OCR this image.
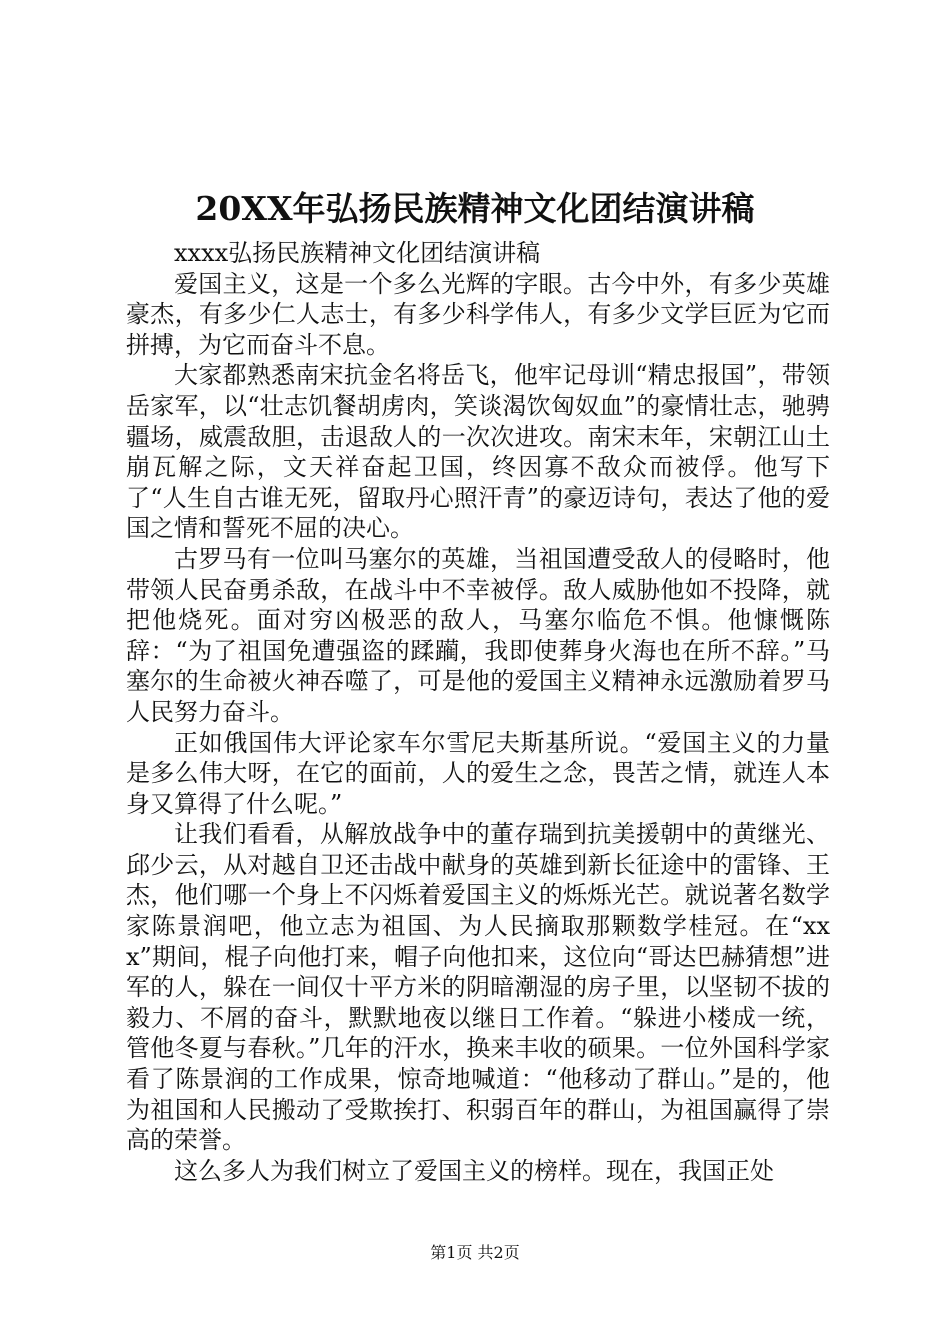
20XX年弘扬民族精神文化团结演讲稿

xxxx弘扬民族精神文化团结演讲稿

爱国主义，这是一个多么光辉的字眼。古今中外，有多少英雄豪杰，有多少仁人志士，有多少科学伟人，有多少文学巨匠为它而拼搏，为它而奋斗不息。

大家都熟悉南宋抗金名将岳飞，他牢记母训“精忠报国”，带领岳家军，以“壮志饥餐胡虏肉，笑谈渴饮匈奴血”的豪情壮志，驰骋疆场，威震敌胆，击退敌人的一次次进攻。南宋末年，宋朝江山土崩瓦解之际，文天祥奋起卫国，终因寡不敌众而被俘。他写下了“人生自古谁无死，留取丹心照汗青”的豪迈诗句，表达了他的爱国之情和誓死不屈的决心。

古罗马有一位叫马塞尔的英雄，当祖国遭受敌人的侵略时，他带领人民奋勇杀敌，在战斗中不幸被俘。敌人威胁他如不投降，就把他烧死。面对穷凶极恶的敌人，马塞尔临危不惧。他慷慨陈辞：“为了祖国免遭强盗的蹂躏，我即使葬身火海也在所不辞。”马塞尔的生命被火神吞噬了，可是他的爱国主义精神永远激励着罗马人民努力奋斗。

正如俄国伟大评论家车尔雪尼夫斯基所说。“爱国主义的力量是多么伟大呀，在它的面前，人的爱生之念，畏苦之情，就连人本身又算得了什么呢。”

让我们看看，从解放战争中的董存瑞到抗美援朝中的黄继光、邱少云，从对越自卫还击战中献身的英雄到新长征途中的雷锋、王杰，他们哪一个身上不闪烁着爱国主义的烁烁光芒。就说著名数学家陈景润吧，他立志为祖国、为人民摘取那颗数学桂冠。在“xxx”期间，棍子向他打来，帽子向他扣来，这位向“哥达巴赫猜想”进军的人，躲在一间仅十平方米的阴暗潮湿的房子里，以坚韧不拔的毅力、不屑的奋斗，默默地夜以继日工作着。“躲进小楼成一统，管他冬夏与春秋。”几年的汗水，换来丰收的硕果。一位外国科学家看了陈景润的工作成果，惊奇地喊道：“他移动了群山。”是的，他为祖国和人民搬动了受欺挨打、积弱百年的群山，为祖国赢得了崇高的荣誉。

这么多人为我们树立了爱国主义的榜样。现在，我国正处

第1页 共2页
